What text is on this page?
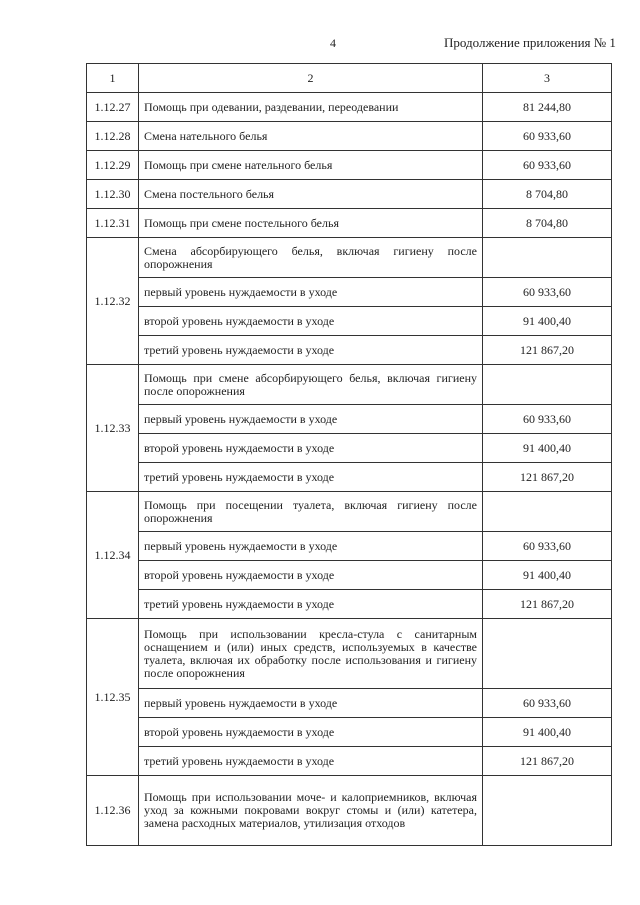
4	Продолжение приложения № 1
1	2	3
1.12.27	Помощь при одевании, раздевании, переодевании	81 244,80
1.12.28	Смена нательного белья	60 933,60
1.12.29	Помощь при смене нательного белья	60 933,60
1.12.30	Смена постельного белья	8 704,80
1.12.31	Помощь при смене постельного белья	8 704,80
1.12.32	Смена абсорбирующего белья, включая гигиену после опорожнения	
	первый уровень нуждаемости в уходе	60 933,60
	второй уровень нуждаемости в уходе	91 400,40
	третий уровень нуждаемости в уходе	121 867,20
1.12.33	Помощь при смене абсорбирующего белья, включая гигиену после опорожнения	
	первый уровень нуждаемости в уходе	60 933,60
	второй уровень нуждаемости в уходе	91 400,40
	третий уровень нуждаемости в уходе	121 867,20
1.12.34	Помощь при посещении туалета, включая гигиену после опорожнения	
	первый уровень нуждаемости в уходе	60 933,60
	второй уровень нуждаемости в уходе	91 400,40
	третий уровень нуждаемости в уходе	121 867,20
1.12.35	Помощь при использовании кресла-стула с санитарным оснащением и (или) иных средств, используемых в качестве туалета, включая их обработку после использования и гигиену после опорожнения	
	первый уровень нуждаемости в уходе	60 933,60
	второй уровень нуждаемости в уходе	91 400,40
	третий уровень нуждаемости в уходе	121 867,20
1.12.36	Помощь при использовании мочe- и калоприемников, включая уход за кожными покровами вокруг стомы и (или) катетера, замена расходных материалов, утилизация отходов	
